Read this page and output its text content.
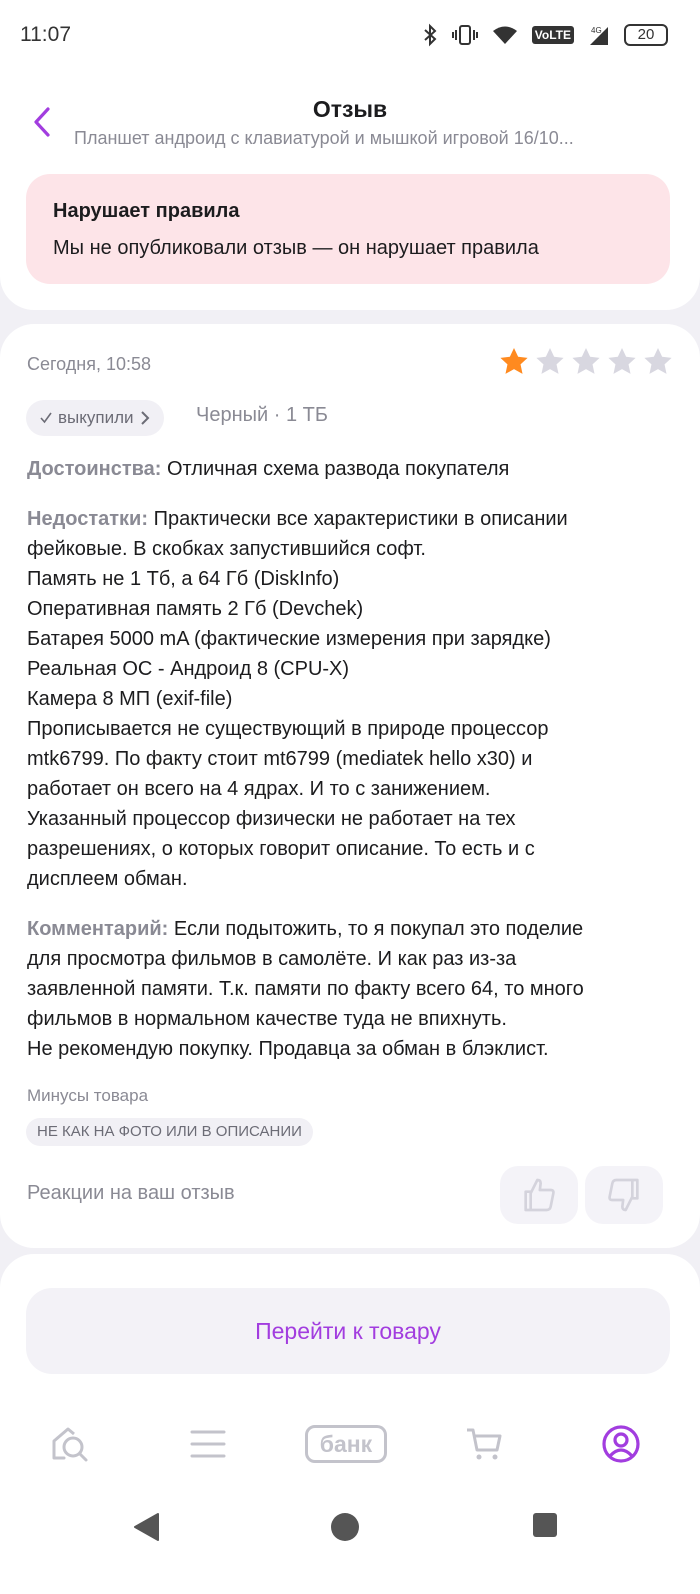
11:07	VoLTE	4G	20
Отзыв
Планшет андроид с клавиатурой и мышкой игровой 16/10...
Нарушает правила
Мы не опубликовали отзыв — он нарушает правила
Сегодня, 10:58
выкупили	Черный · 1 ТБ
Достоинства: Отличная схема развода покупателя
Недостатки: Практически все характеристики в описании
фейковые. В скобках запустившийся софт.
Память не 1 Тб, а 64 Гб (DiskInfo)
Оперативная память 2 Гб (Devchek)
Батарея 5000 mA (фактические измерения при зарядке)
Реальная ОС - Андроид 8 (CPU-X)
Камера 8 МП (exif-file)
Прописывается не существующий в природе процессор
mtk6799. По факту стоит mt6799 (mediatek hello x30) и
работает он всего на 4 ядрах. И то с занижением.
Указанный процессор физически не работает на тех
разрешениях, о которых говорит описание. То есть и с
дисплеем обман.
Комментарий: Если подытожить, то я покупал это поделие
для просмотра фильмов в самолёте. И как раз из-за
заявленной памяти. Т.к. памяти по факту всего 64, то много
фильмов в нормальном качестве туда не впихнуть.
Не рекомендую покупку. Продавца за обман в блэклист.
Минусы товара
НЕ КАК НА ФОТО ИЛИ В ОПИСАНИИ
Реакции на ваш отзыв
Перейти к товару
банк
